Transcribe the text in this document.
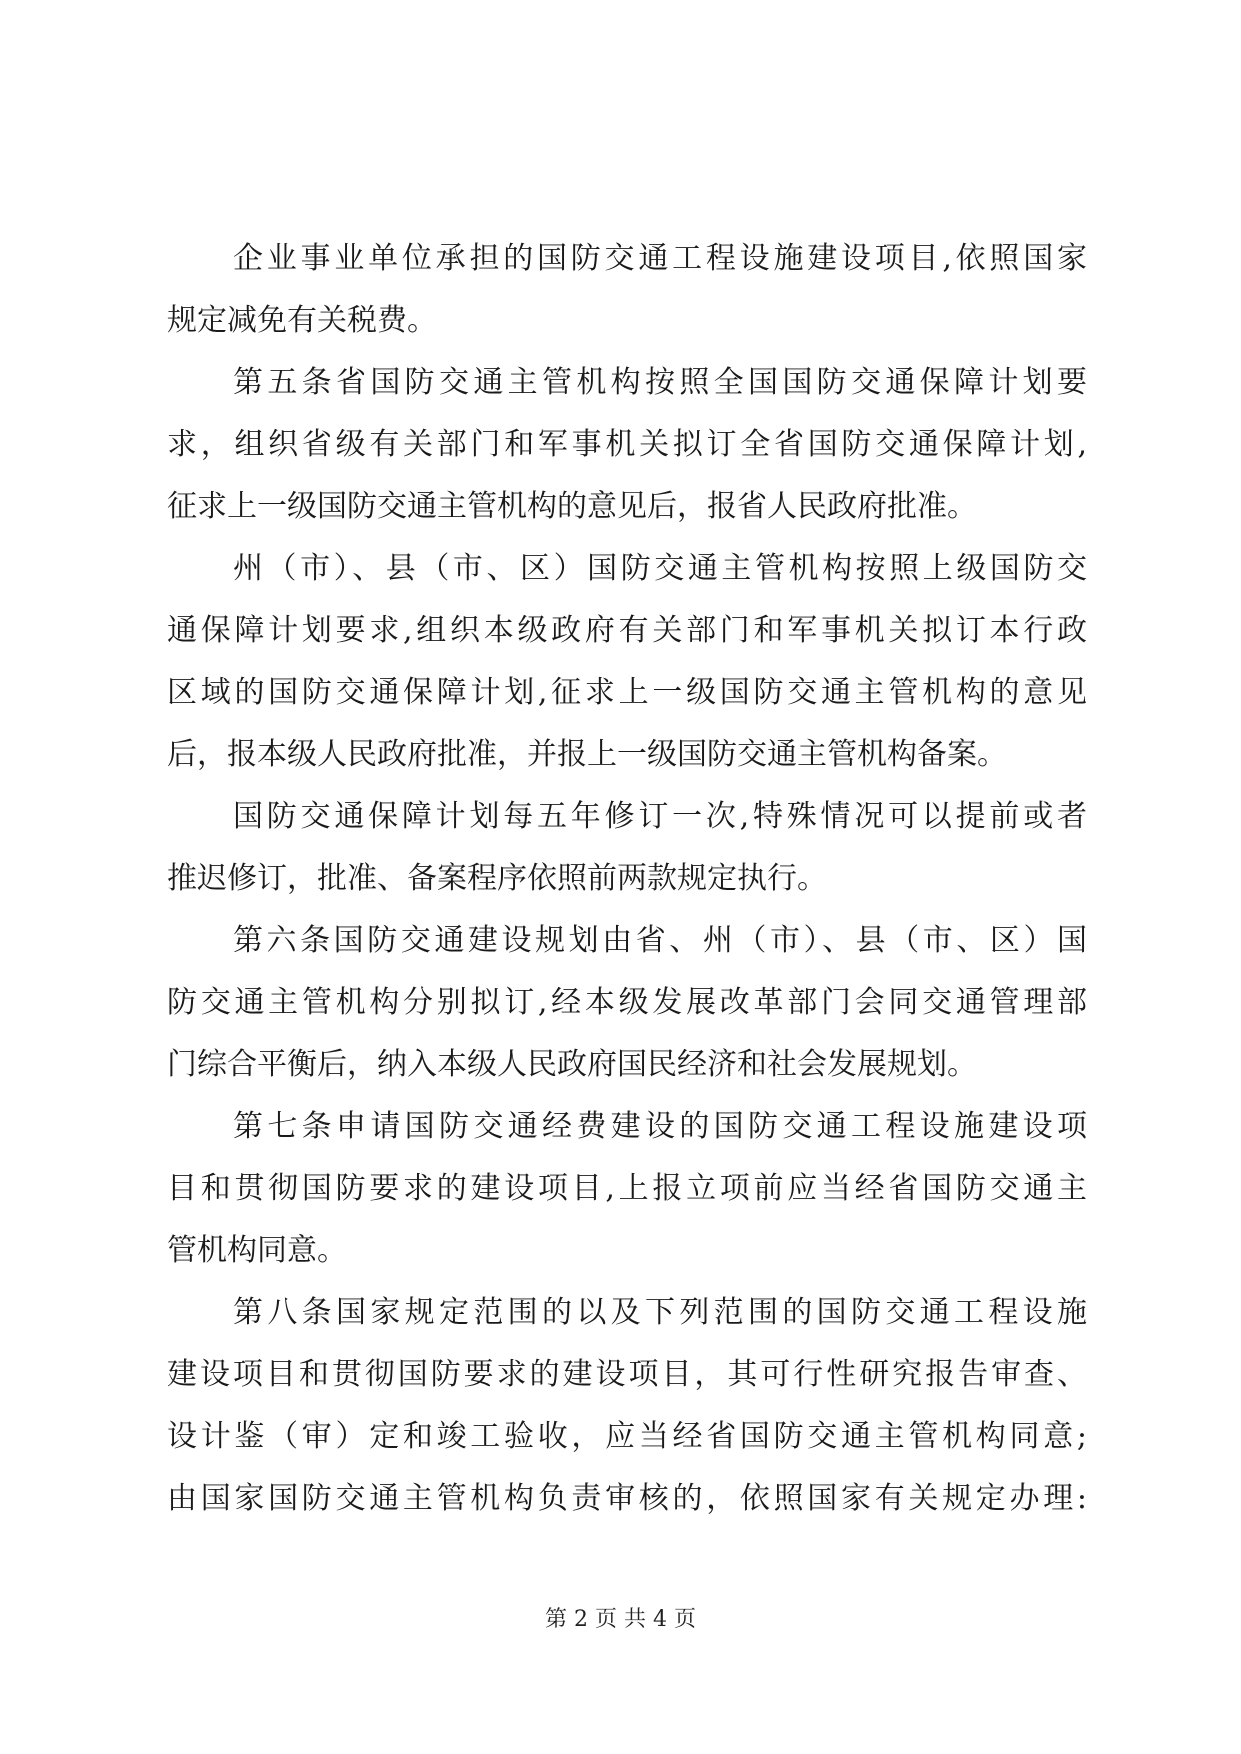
企业事业单位承担的国防交通工程设施建设项目,依照国家
规定减免有关税费。
第五条省国防交通主管机构按照全国国防交通保障计划要
求，组织省级有关部门和军事机关拟订全省国防交通保障计划,
征求上一级国防交通主管机构的意见后，报省人民政府批准。
州（市）、县（市、区）国防交通主管机构按照上级国防交
通保障计划要求,组织本级政府有关部门和军事机关拟订本行政
区域的国防交通保障计划,征求上一级国防交通主管机构的意见
后，报本级人民政府批准，并报上一级国防交通主管机构备案。
国防交通保障计划每五年修订一次,特殊情况可以提前或者
推迟修订，批准、备案程序依照前两款规定执行。
第六条国防交通建设规划由省、州（市）、县（市、区）国
防交通主管机构分别拟订,经本级发展改革部门会同交通管理部
门综合平衡后，纳入本级人民政府国民经济和社会发展规划。
第七条申请国防交通经费建设的国防交通工程设施建设项
目和贯彻国防要求的建设项目,上报立项前应当经省国防交通主
管机构同意。
第八条国家规定范围的以及下列范围的国防交通工程设施
建设项目和贯彻国防要求的建设项目，其可行性研究报告审查、
设计鉴（审）定和竣工验收，应当经省国防交通主管机构同意;
由国家国防交通主管机构负责审核的，依照国家有关规定办理:
第 2 页 共 4 页
